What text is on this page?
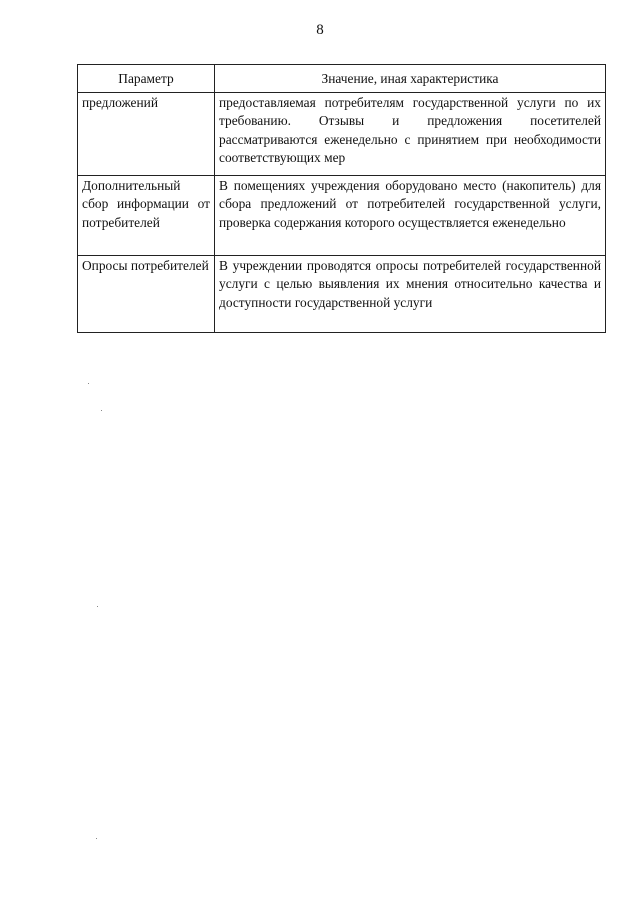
8
Параметр	Значение, иная характеристика
предложений	предоставляемая потребителям государственной услуги по их требованию. Отзывы и предложения посетителей рассматриваются еженедельно с принятием при необходимости соответствующих мер
Дополнительный сбор информации от потребителей	В помещениях учреждения оборудовано место (накопитель) для сбора предложений от потребителей государственной услуги, проверка содержания которого осуществляется еженедельно
Опросы потребителей	В учреждении проводятся опросы потребителей государственной услуги с целью выявления их мнения относительно качества и доступности государственной услуги
